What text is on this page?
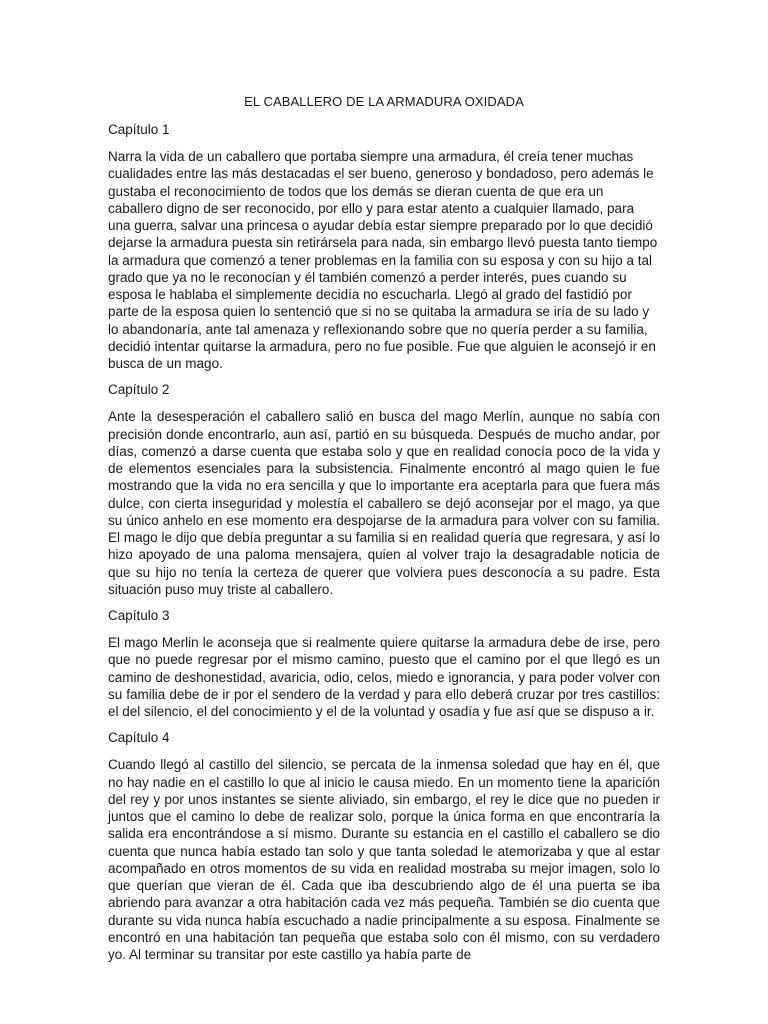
EL CABALLERO DE LA ARMADURA OXIDADA
Capítulo 1

Narra la vida de un caballero que portaba siempre una armadura, él creía tener muchas cualidades entre las más destacadas el ser bueno, generoso y bondadoso, pero además le gustaba el reconocimiento de todos que los demás se dieran cuenta de que era un caballero digno de ser reconocido, por ello y para estar atento a cualquier llamado, para una guerra, salvar una princesa o ayudar debía estar siempre preparado por lo que decidió dejarse la armadura puesta sin retirársela para nada, sin embargo llevó puesta tanto tiempo la armadura que comenzó a tener problemas en la familia con su esposa y con su hijo a tal grado que ya no le reconocían y él también comenzó a perder interés, pues cuando su esposa le hablaba el simplemente decidía no escucharla. Llegó al grado del fastidió por parte de la esposa quien lo sentenció que si no se quitaba la armadura se iría de su lado y lo abandonaría, ante tal amenaza y reflexionando sobre que no quería perder a su familia, decidió intentar quitarse la armadura, pero no fue posible. Fue que alguien le aconsejó ir en busca de un mago.

Capítulo 2

Ante la desesperación el caballero salió en busca del mago Merlín, aunque no sabía con precisión donde encontrarlo, aun así, partió en su búsqueda. Después de mucho andar, por días, comenzó a darse cuenta que estaba solo y que en realidad conocía poco de la vida y de elementos esenciales para la subsistencia. Finalmente encontró al mago quien le fue mostrando que la vida no era sencilla y que lo importante era aceptarla para que fuera más dulce, con cierta inseguridad y molestía el caballero se dejó aconsejar por el mago, ya que su único anhelo en ese momento era despojarse de la armadura para volver con su familia. El mago le dijo que debía preguntar a su familia si en realidad quería que regresara, y así lo hizo apoyado de una paloma mensajera, quien al volver trajo la desagradable noticia de que su hijo no tenía la certeza de querer que volviera pues desconocía a su padre. Esta situación puso muy triste al caballero.

Capítulo 3

El mago Merlin le aconseja que si realmente quiere quitarse la armadura debe de irse, pero que no puede regresar por el mismo camino, puesto que el camino por el que llegó es un camino de deshonestidad, avaricia, odio, celos, miedo e ignorancia, y para poder volver con su familia debe de ir por el sendero de la verdad y para ello deberá cruzar por tres castillos: el del silencio, el del conocimiento y el de la voluntad y osadía y fue así que se dispuso a ir.

Capítulo 4

Cuando llegó al castillo del silencio, se percata de la inmensa soledad que hay en él, que no hay nadie en el castillo lo que al inicio le causa miedo. En un momento tiene la aparición del rey y por unos instantes se siente aliviado, sin embargo, el rey le dice que no pueden ir juntos que el camino lo debe de realizar solo, porque la única forma en que encontraría la salida era encontrándose a sí mismo. Durante su estancia en el castillo el caballero se dio cuenta que nunca había estado tan solo y que tanta soledad le atemorizaba y que al estar acompañado en otros momentos de su vida en realidad mostraba su mejor imagen, solo lo que querían que vieran de él. Cada que iba descubriendo algo de él una puerta se iba abriendo para avanzar a otra habitación cada vez más pequeña. También se dio cuenta que durante su vida nunca había escuchado a nadie principalmente a su esposa. Finalmente se encontró en una habitación tan pequeña que estaba solo con él mismo, con su verdadero yo. Al terminar su transitar por este castillo ya había parte de
